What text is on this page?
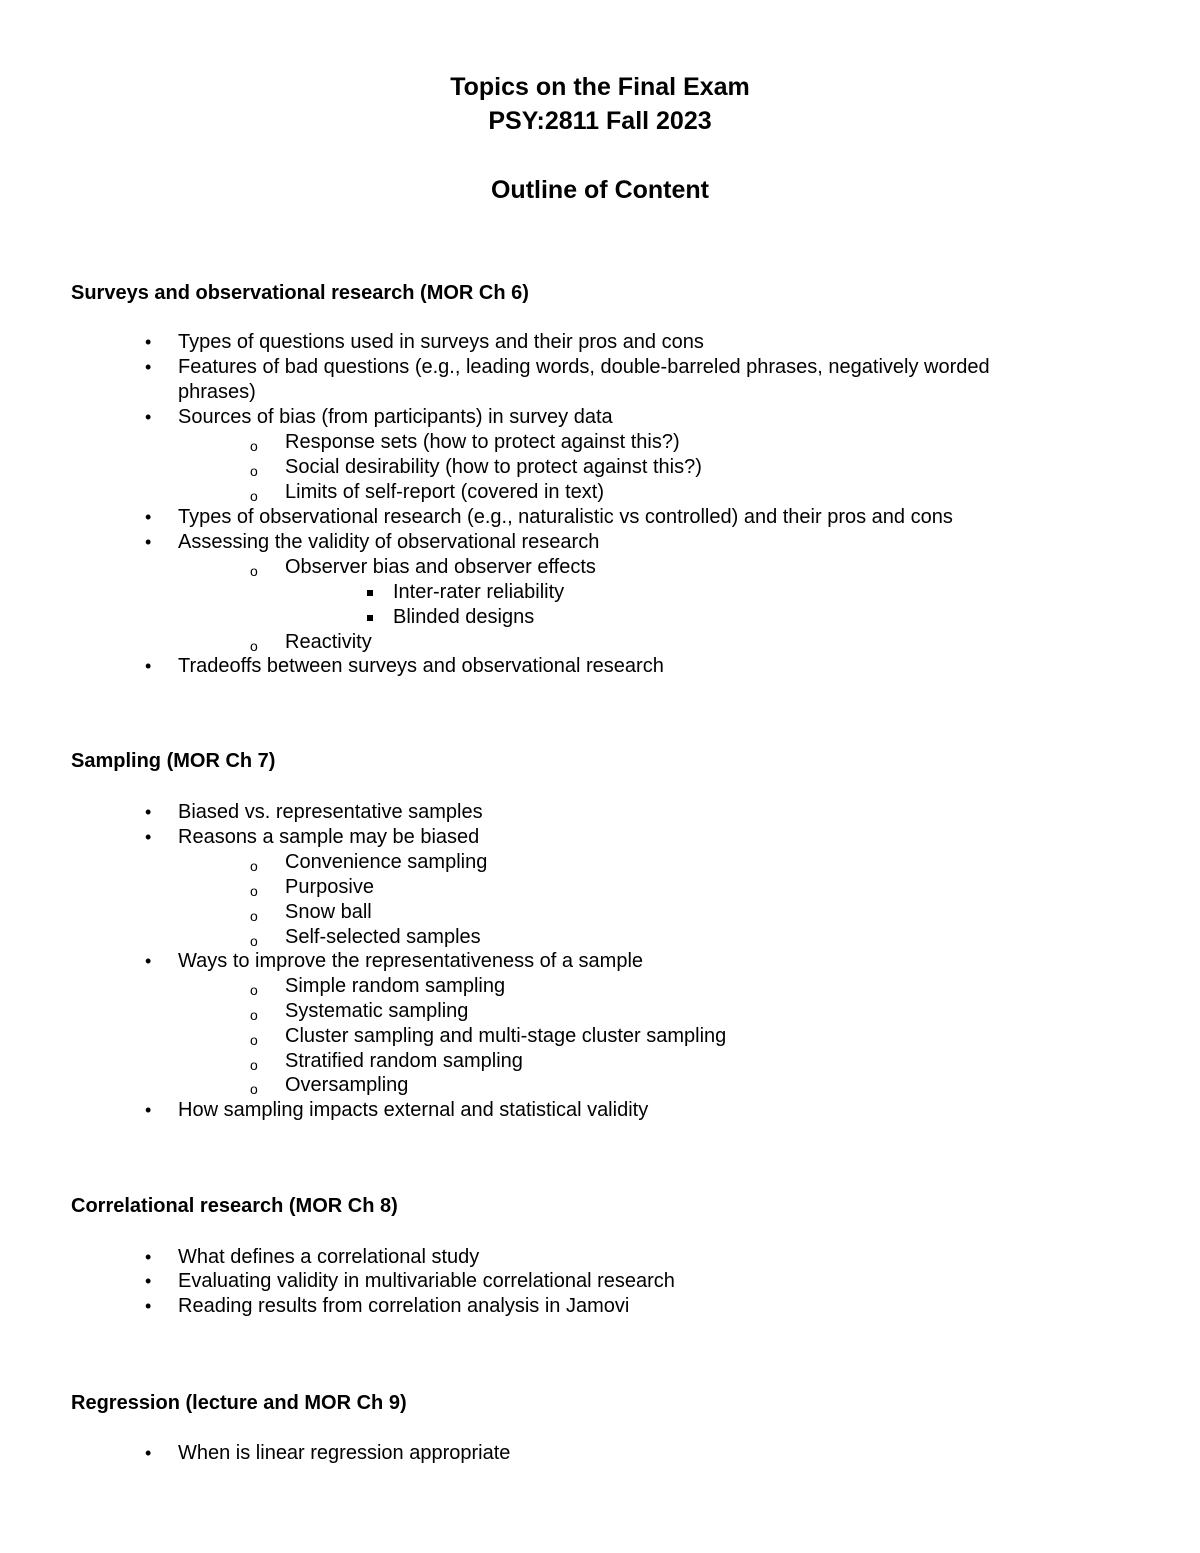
Topics on the Final Exam
PSY:2811 Fall 2023
Outline of Content
Surveys and observational research (MOR Ch 6)
• Types of questions used in surveys and their pros and cons
• Features of bad questions (e.g., leading words, double-barreled phrases, negatively worded
phrases)
• Sources of bias (from participants) in survey data
o Response sets (how to protect against this?)
o Social desirability (how to protect against this?)
o Limits of self-report (covered in text)
• Types of observational research (e.g., naturalistic vs controlled) and their pros and cons
• Assessing the validity of observational research
o Observer bias and observer effects
Inter-rater reliability
Blinded designs
o Reactivity
• Tradeoffs between surveys and observational research
Sampling (MOR Ch 7)
• Biased vs. representative samples
• Reasons a sample may be biased
o Convenience sampling
o Purposive
o Snow ball
o Self-selected samples
• Ways to improve the representativeness of a sample
o Simple random sampling
o Systematic sampling
o Cluster sampling and multi-stage cluster sampling
o Stratified random sampling
o Oversampling
• How sampling impacts external and statistical validity
Correlational research (MOR Ch 8)
• What defines a correlational study
• Evaluating validity in multivariable correlational research
• Reading results from correlation analysis in Jamovi
Regression (lecture and MOR Ch 9)
• When is linear regression appropriate
